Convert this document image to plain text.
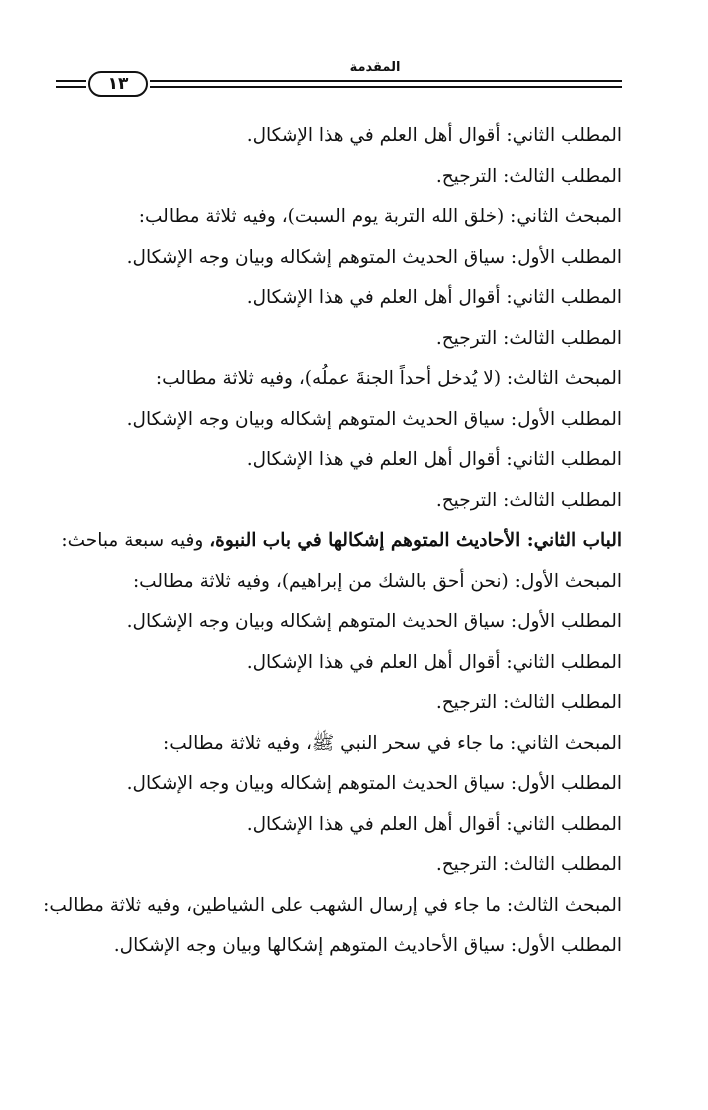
المقدمة
١٣
المطلب الثاني: أقوال أهل العلم في هذا الإشكال.
المطلب الثالث: الترجيح.
المبحث الثاني: (خلق الله التربة يوم السبت)، وفيه ثلاثة مطالب:
المطلب الأول: سياق الحديث المتوهم إشكاله وبيان وجه الإشكال.
المطلب الثاني: أقوال أهل العلم في هذا الإشكال.
المطلب الثالث: الترجيح.
المبحث الثالث: (لا يُدخل أحداً الجنةَ عملُه)، وفيه ثلاثة مطالب:
المطلب الأول: سياق الحديث المتوهم إشكاله وبيان وجه الإشكال.
المطلب الثاني: أقوال أهل العلم في هذا الإشكال.
المطلب الثالث: الترجيح.
الباب الثاني: الأحاديث المتوهم إشكالها في باب النبوة، وفيه سبعة مباحث:
المبحث الأول: (نحن أحق بالشك من إبراهيم)، وفيه ثلاثة مطالب:
المطلب الأول: سياق الحديث المتوهم إشكاله وبيان وجه الإشكال.
المطلب الثاني: أقوال أهل العلم في هذا الإشكال.
المطلب الثالث: الترجيح.
المبحث الثاني: ما جاء في سحر النبي ﷺ، وفيه ثلاثة مطالب:
المطلب الأول: سياق الحديث المتوهم إشكاله وبيان وجه الإشكال.
المطلب الثاني: أقوال أهل العلم في هذا الإشكال.
المطلب الثالث: الترجيح.
المبحث الثالث: ما جاء في إرسال الشهب على الشياطين، وفيه ثلاثة مطالب:
المطلب الأول: سياق الأحاديث المتوهم إشكالها وبيان وجه الإشكال.
